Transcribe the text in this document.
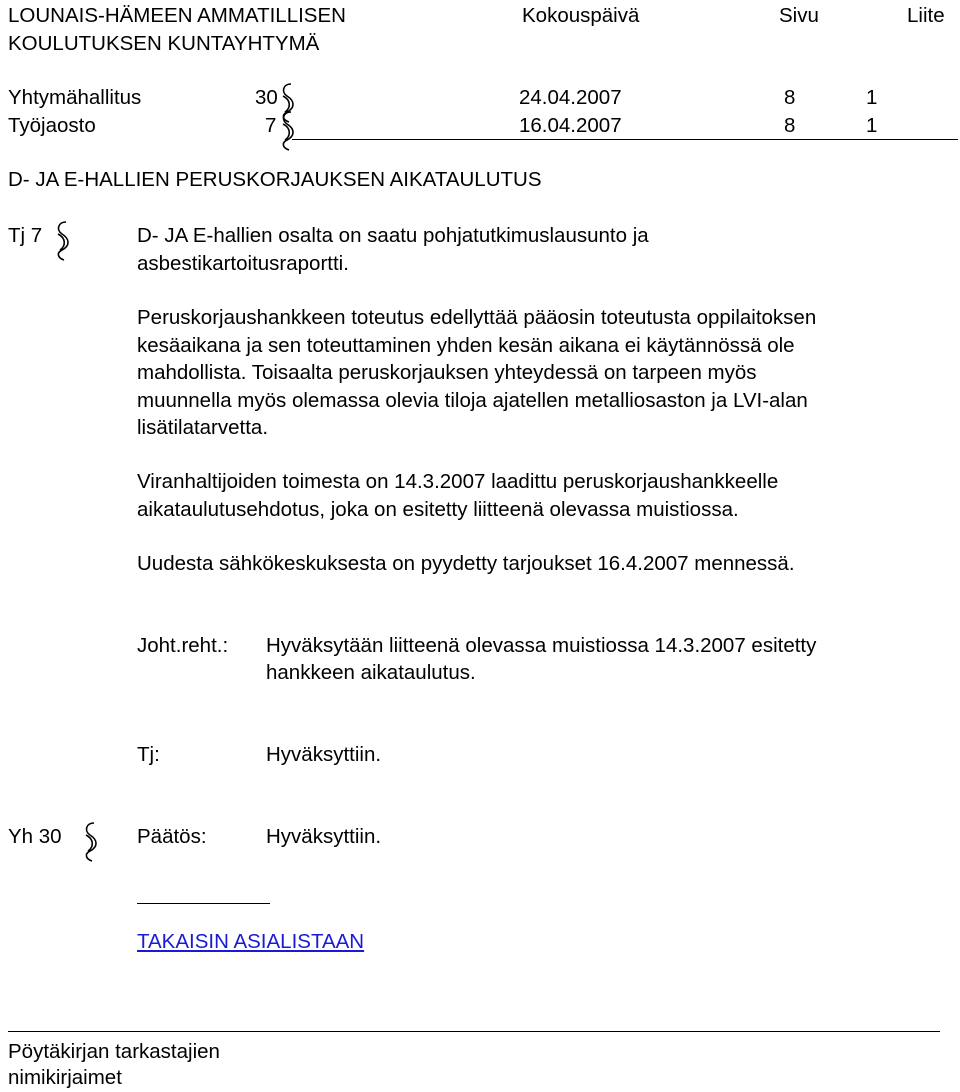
LOUNAIS-HÄMEEN AMMATILLISEN
KOULUTUKSEN KUNTAYHTYMÄ
Kokouspäivä	Sivu	Liite
Yhtymähallitus	30	24.04.2007	8	1
Työjaosto	7	16.04.2007	8	1
D- JA E-HALLIEN PERUSKORJAUKSEN AIKATAULUTUS
Tj 7	D- JA E-hallien osalta on saatu pohjatutkimuslausunto ja
asbestikartoitusraportti.
Peruskorjaushankkeen toteutus edellyttää pääosin toteutusta oppilaitoksen
kesäaikana ja sen toteuttaminen yhden kesän aikana ei käytännössä ole
mahdollista. Toisaalta peruskorjauksen yhteydessä on tarpeen myös
muunnella myös olemassa olevia tiloja ajatellen metalliosaston ja LVI-alan
lisätilatarvetta.
Viranhaltijoiden toimesta on 14.3.2007 laadittu peruskorjaushankkeelle
aikataulutusehdotus, joka on esitetty liitteenä olevassa muistiossa.
Uudesta sähkökeskuksesta on pyydetty tarjoukset 16.4.2007 mennessä.
Joht.reht.: Hyväksytään liitteenä olevassa muistiossa 14.3.2007 esitetty
hankkeen aikataulutus.
Tj:	Hyväksyttiin.
Yh 30	Päätös:	Hyväksyttiin.
TAKAISIN ASIALISTAAN
Pöytäkirjan tarkastajien
nimikirjaimet
